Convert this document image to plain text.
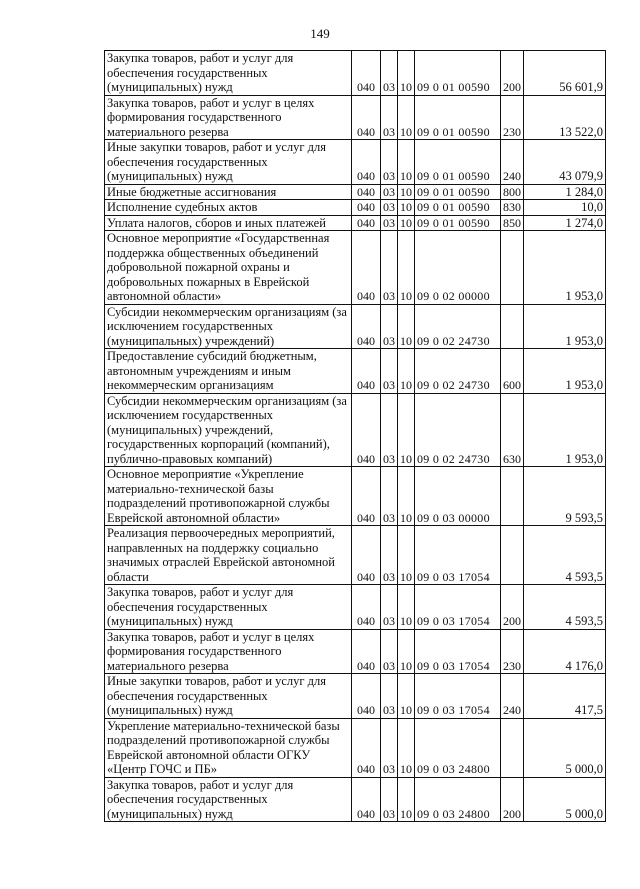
149
Закупка товаров, работ и услуг для обеспечения государственных (муниципальных) нужд	040	03	10	09 0 01 00590	200	56 601,9
Закупка товаров, работ и услуг в целях формирования государственного материального резерва	040	03	10	09 0 01 00590	230	13 522,0
Иные закупки товаров, работ и услуг для обеспечения государственных (муниципальных) нужд	040	03	10	09 0 01 00590	240	43 079,9
Иные бюджетные ассигнования	040	03	10	09 0 01 00590	800	1 284,0
Исполнение судебных актов	040	03	10	09 0 01 00590	830	10,0
Уплата налогов, сборов и иных платежей	040	03	10	09 0 01 00590	850	1 274,0
Основное мероприятие «Государственная поддержка общественных объединений добровольной пожарной охраны и добровольных пожарных в Еврейской автономной области»	040	03	10	09 0 02 00000		1 953,0
Субсидии некоммерческим организациям (за исключением государственных (муниципальных) учреждений)	040	03	10	09 0 02 24730		1 953,0
Предоставление субсидий бюджетным, автономным учреждениям и иным некоммерческим организациям	040	03	10	09 0 02 24730	600	1 953,0
Субсидии некоммерческим организациям (за исключением государственных (муниципальных) учреждений, государственных корпораций (компаний), публично-правовых компаний)	040	03	10	09 0 02 24730	630	1 953,0
Основное мероприятие «Укрепление материально-технической базы подразделений противопожарной службы Еврейской автономной области»	040	03	10	09 0 03 00000		9 593,5
Реализация первоочередных мероприятий, направленных на поддержку социально значимых отраслей Еврейской автономной области	040	03	10	09 0 03 17054		4 593,5
Закупка товаров, работ и услуг для обеспечения государственных (муниципальных) нужд	040	03	10	09 0 03 17054	200	4 593,5
Закупка товаров, работ и услуг в целях формирования государственного материального резерва	040	03	10	09 0 03 17054	230	4 176,0
Иные закупки товаров, работ и услуг для обеспечения государственных (муниципальных) нужд	040	03	10	09 0 03 17054	240	417,5
Укрепление материально-технической базы подразделений противопожарной службы Еврейской автономной области ОГКУ «Центр ГОЧС и ПБ»	040	03	10	09 0 03 24800		5 000,0
Закупка товаров, работ и услуг для обеспечения государственных (муниципальных) нужд	040	03	10	09 0 03 24800	200	5 000,0
